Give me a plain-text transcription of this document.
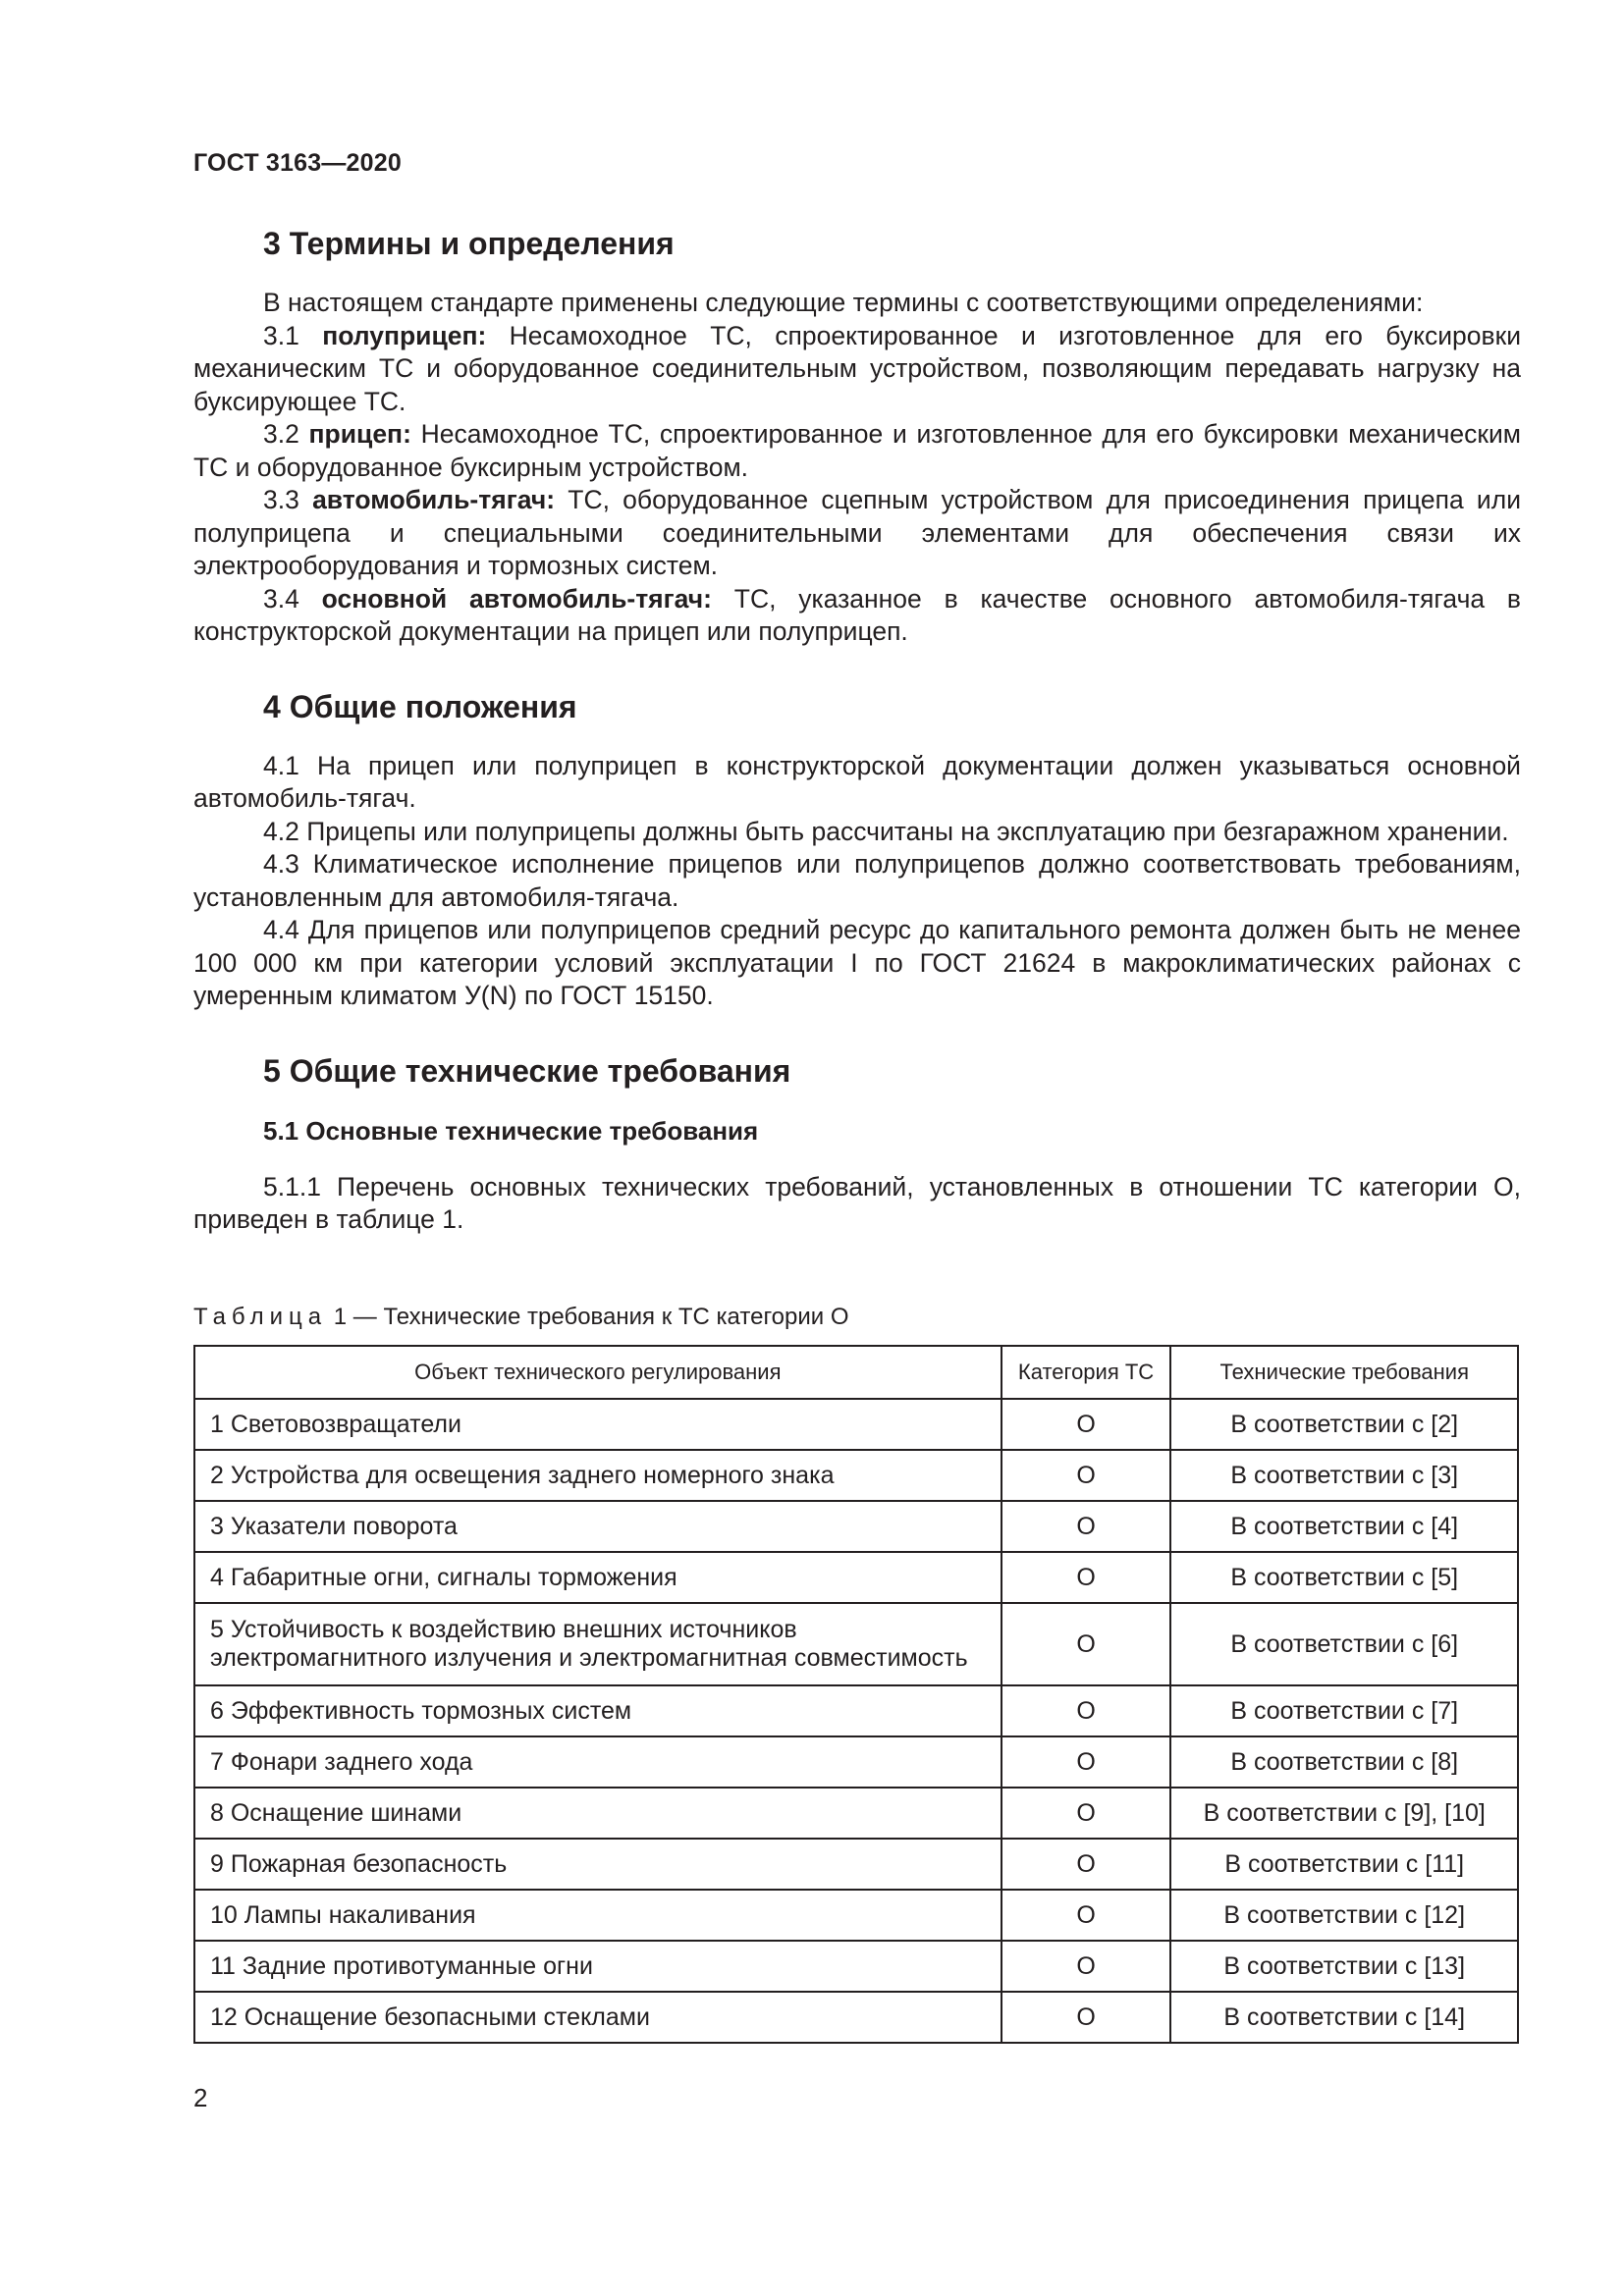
ГОСТ 3163—2020
3 Термины и определения

В настоящем стандарте применены следующие термины с соответствующими определениями:

3.1 полуприцеп: Несамоходное ТС, спроектированное и изготовленное для его буксировки механическим ТС и оборудованное соединительным устройством, позволяющим передавать нагрузку на буксирующее ТС.

3.2 прицеп: Несамоходное ТС, спроектированное и изготовленное для его буксировки механическим ТС и оборудованное буксирным устройством.

3.3 автомобиль-тягач: ТС, оборудованное сцепным устройством для присоединения прицепа или полуприцепа и специальными соединительными элементами для обеспечения связи их электрооборудования и тормозных систем.

3.4 основной автомобиль-тягач: ТС, указанное в качестве основного автомобиля-тягача в конструкторской документации на прицеп или полуприцеп.

4 Общие положения

4.1 На прицеп или полуприцеп в конструкторской документации должен указываться основной автомобиль-тягач.

4.2 Прицепы или полуприцепы должны быть рассчитаны на эксплуатацию при безгаражном хранении.

4.3 Климатическое исполнение прицепов или полуприцепов должно соответствовать требованиям, установленным для автомобиля-тягача.

4.4 Для прицепов или полуприцепов средний ресурс до капитального ремонта должен быть не менее 100 000 км при категории условий эксплуатации I по ГОСТ 21624 в макроклиматических районах с умеренным климатом У(N) по ГОСТ 15150.

5 Общие технические требования
5.1 Основные технические требования

5.1.1 Перечень основных технических требований, установленных в отношении ТС категории О, приведен в таблице 1.

Таблица 1 — Технические требования к ТС категории О
Объект технического регулирования	Категория ТС	Технические требования
1 Световозвращатели	О	В соответствии с [2]
2 Устройства для освещения заднего номерного знака	О	В соответствии с [3]
3 Указатели поворота	О	В соответствии с [4]
4 Габаритные огни, сигналы торможения	О	В соответствии с [5]
5 Устойчивость к воздействию внешних источников электромагнитного излучения и электромагнитная совместимость	О	В соответствии с [6]
6 Эффективность тормозных систем	О	В соответствии с [7]
7 Фонари заднего хода	О	В соответствии с [8]
8 Оснащение шинами	О	В соответствии с [9], [10]
9 Пожарная безопасность	О	В соответствии с [11]
10 Лампы накаливания	О	В соответствии с [12]
11 Задние противотуманные огни	О	В соответствии с [13]
12 Оснащение безопасными стеклами	О	В соответствии с [14]
2
